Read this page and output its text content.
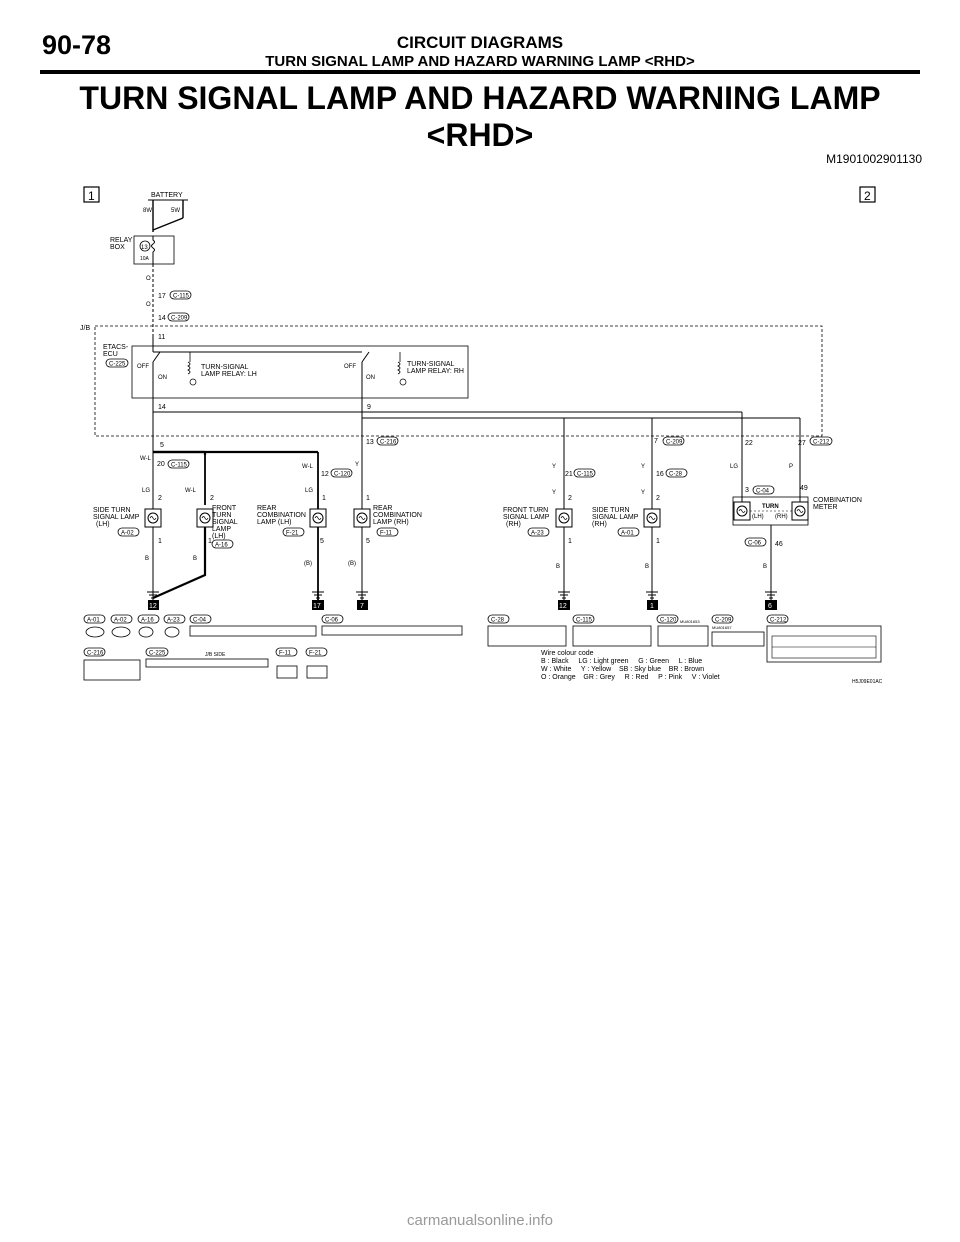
90-78	CIRCUIT DIAGRAMS
TURN SIGNAL LAMP AND HAZARD WARNING LAMP <RHD>
TURN SIGNAL LAMP AND HAZARD WARNING LAMP
<RHD>
M1901002901130
1	2
BATTERY
8W	5W
RELAY
BOX	13
10A
O
O
17 C-115
14 C-209
J/B
11
ETACS-
ECU
C-225 OFF
ON
TURN-SIGNAL
LAMP RELAY: LH
OFF
ON
TURN-SIGNAL
LAMP RELAY: RH
14	9
5	13 C-216	7 C-209	22	27 C-212
W-L
20 C-115
LG	W-L
W-L
12 C-120
LG
Y
2
1
SIDE TURN
SIGNAL LAMP
(LH)
A-02
2
1
FRONT
TURN
SIGNAL
LAMP
(LH)
A-16
1
5
REAR
COMBINATION
LAMP (LH)
F-21
1
5
REAR
COMBINATION
LAMP (RH)
F-11
B	B
(B)	(B)
Y
21 C-115
Y
Y
16 C-28
Y
LG	P
2
1
FRONT TURN
SIGNAL LAMP
(RH)
A-23
2
1
SIDE TURN
SIGNAL LAMP
(RH)
A-01
3 C-04	49
TURN
(LH) (RH)
COMBINATION
METER
C-06 46
B	B	B
12	17	7	12	1	6
A-01 A-02 A-16 A-23 C-04	C-06	C-28	C-115	C-120 MU801653	C-209
MU801657
C-212
C-216	C-225	J/B SIDE	F-11	F-21	Wire colour code
B : Black     LG : Light green     G : Green     L : Blue
W : White     Y : Yellow    SB : Sky blue    BR : Brown
O : Orange    GR : Grey     R : Red     P : Pink     V : Violet
H5J09E01AC
carmanualsonline.info
